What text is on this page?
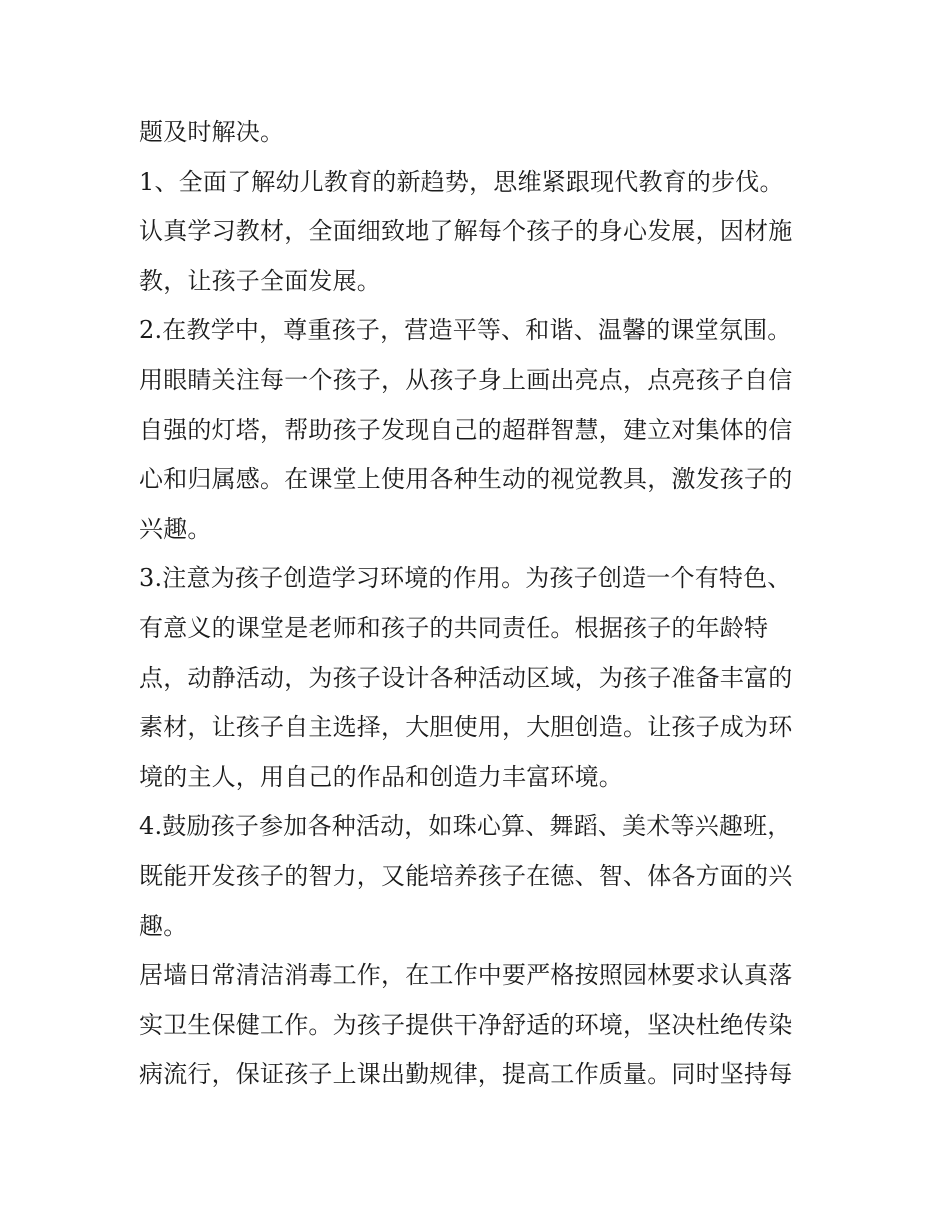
题及时解决。
1、全面了解幼儿教育的新趋势，思维紧跟现代教育的步伐。
认真学习教材，全面细致地了解每个孩子的身心发展，因材施
教，让孩子全面发展。
2.在教学中，尊重孩子，营造平等、和谐、温馨的课堂氛围。
用眼睛关注每一个孩子，从孩子身上画出亮点，点亮孩子自信
自强的灯塔，帮助孩子发现自己的超群智慧，建立对集体的信
心和归属感。在课堂上使用各种生动的视觉教具，激发孩子的
兴趣。
3.注意为孩子创造学习环境的作用。为孩子创造一个有特色、
有意义的课堂是老师和孩子的共同责任。根据孩子的年龄特
点，动静活动，为孩子设计各种活动区域，为孩子准备丰富的
素材，让孩子自主选择，大胆使用，大胆创造。让孩子成为环
境的主人，用自己的作品和创造力丰富环境。
4.鼓励孩子参加各种活动，如珠心算、舞蹈、美术等兴趣班，
既能开发孩子的智力，又能培养孩子在德、智、体各方面的兴
趣。
居墙日常清洁消毒工作，在工作中要严格按照园林要求认真落
实卫生保健工作。为孩子提供干净舒适的环境，坚决杜绝传染
病流行，保证孩子上课出勤规律，提高工作质量。同时坚持每
